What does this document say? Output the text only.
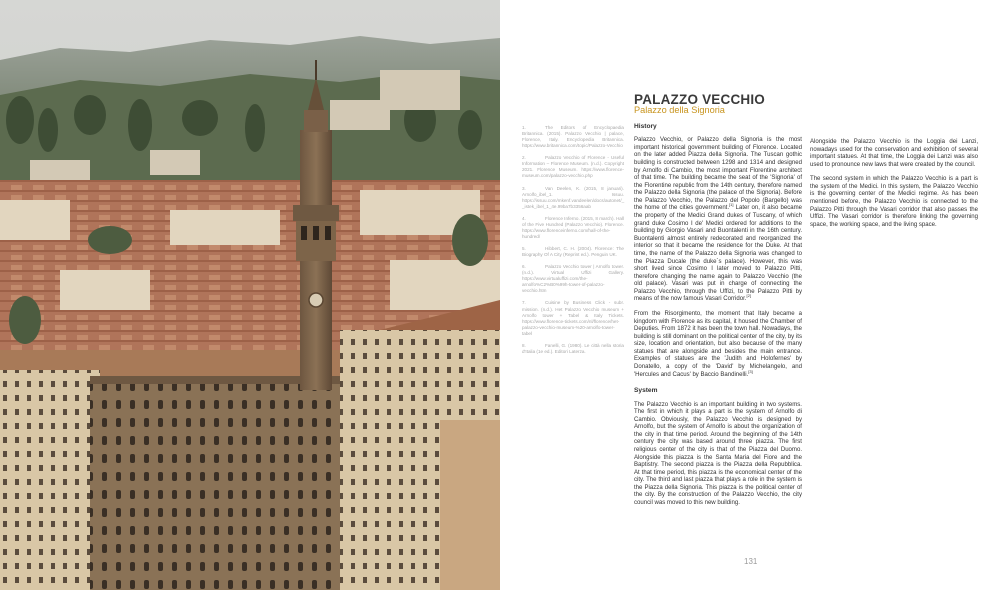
1.	The Editors of Encyclopaedia Britannica. (2015). Palazzo Vecchio | palace, Florence, Italy. Encyclopedia Britannica. https://www.britannica.com/topic/Palazzo-Vecchio
2.	Palazzo Vecchio of Florence - Useful Information – Florence Museum. (n.d.). Copyright 2021. Florence Museum. https://www.florence-museum.com/palazzo-vecchio.php
3.	Van Deelen, K. (2015, 8 januari). Arnolfo_ibel_1. Issuu. https://issuu.com/mkenf.vandeelen/docs/autonet/_ _istek_ibel_1_4e.99ba7b3356aab
4.	Florence Inferno. (2015, 8 march). Hall of the Five Hundred (Palazzo Vecchio). Florence. https://www.florenceinferno.com/hall-of-the-hundred/
5.	Hibbert, C. H. (2004). Florence: The Biography Of A City (Reprint ed.). Penguin UK.
6.	Palazzo Vecchio tower | Arnolfo tower. (n.d.). Virtual Uffizi Gallery. https://www.virtualuffizi.com/the-arnolfo%C2%B0%99h-tower-of-palazzo-vecchio.htm
7.	Cuisine by Business Click - subr. mission. (n.d.). Het Palazzo Vecchio museum + Arnolfo tower + Tabel & Italy Tickets. https://www.florence-tickets.com/nl/florence/het-palazzo-vecchio-museum-%20-arnolfo-tower-tabel
8.	Fanelli, G. (1980). Le città nella storia d'Italia (1e ed.). Editori Laterza.
PALAZZO VECCHIO
Palazzo della Signoria
History

Palazzo Vecchio, or Palazzo della Signoria is the most important historical government building of Florence. Located on the later added Piazza della Signoria. The Tuscan gothic building is constructed between 1298 and 1314 and designed by Arnolfo di Cambio, the most important Florentine architect of that time. The building became the seat of the 'Signoria' of the Florentine republic from the 14th century, therefore named the Palazzo della Signoria (the palace of the Signoria). Before the Palazzo Vecchio, the Palazzo del Popolo (Bargello) was the home of the cities government.[1] Later on, it also became the property of the Medici Grand dukes of Tuscany, of which grand duke Cosimo I de' Medici ordered for additions to the building by Giorgio Vasari and Buontalenti in the 16th century. Buontalenti almost entirely redecorated and reorganized the interior so that it became the residence for the Duke. At that time, the name of the Palazzo della Signoria was changed to the Piazza Ducale (the duke´s palace). However, this was short lived since Cosimo I later moved to Palazzo Pitti, therefore changing the name again to Palazzo Vecchio (the old palace). Vasari was put in charge of connecting the Palazzo Vecchio, through the Uffizi, to the Palazzo Pitti by means of the now famous Vasari Corridor.[2]

From the Risorgimento, the moment that Italy became a kingdom with Florence as its capital, it housed the Chamber of Deputies. From 1872 it has been the town hall. Nowadays, the building is still dominant on the political center of the city, by its size, location and orientation, but also because of the many statues that are alongside and besides the main entrance. Examples of statues are the 'Judith and Holofernes' by Donatello, a copy of the 'David' by Michelangelo, and 'Hercules and Cacus' by Baccio Bandinelli.[3]

System

The Palazzo Vecchio is an important building in two systems. The first in which it plays a part is the system of Arnolfo di Cambio. Obviously, the Palazzo Vecchio is designed by Arnolfo, but the system of Arnolfo is about the organization of the city in that time period. Around the beginning of the 14th century the city was based around three piazza. The first religious center of the city is that of the Piazza del Duomo. Alongside this piazza is the Santa Maria del Fiore and the Baptistry. The second piazza is the Piazza della Repubblica. At that time period, this piazza is the economical center of the city. The third and last piazza that plays a role in the system is the Piazza della Signoria. This piazza is the political center of the city. By the construction of the Palazzo Vecchio, the city council was moved to this new building.

Alongside the Palazzo Vecchio is the Loggia dei Lanzi, nowadays used for the conservation and exhibition of several important statues. At that time, the Loggia dei Lanzi was also used to pronounce new laws that were created by the council.

The second system in which the Palazzo Vecchio is a part is the system of the Medici. In this system, the Palazzo Vecchio is the governing center of the Medici regime. As has been mentioned before, the Palazzo Vecchio is connected to the Palazzo Pitti through the Vasari corridor that also passes the Uffizi. The Vasari corridor is therefore linking the governing space, the working space, and the living space.

131
